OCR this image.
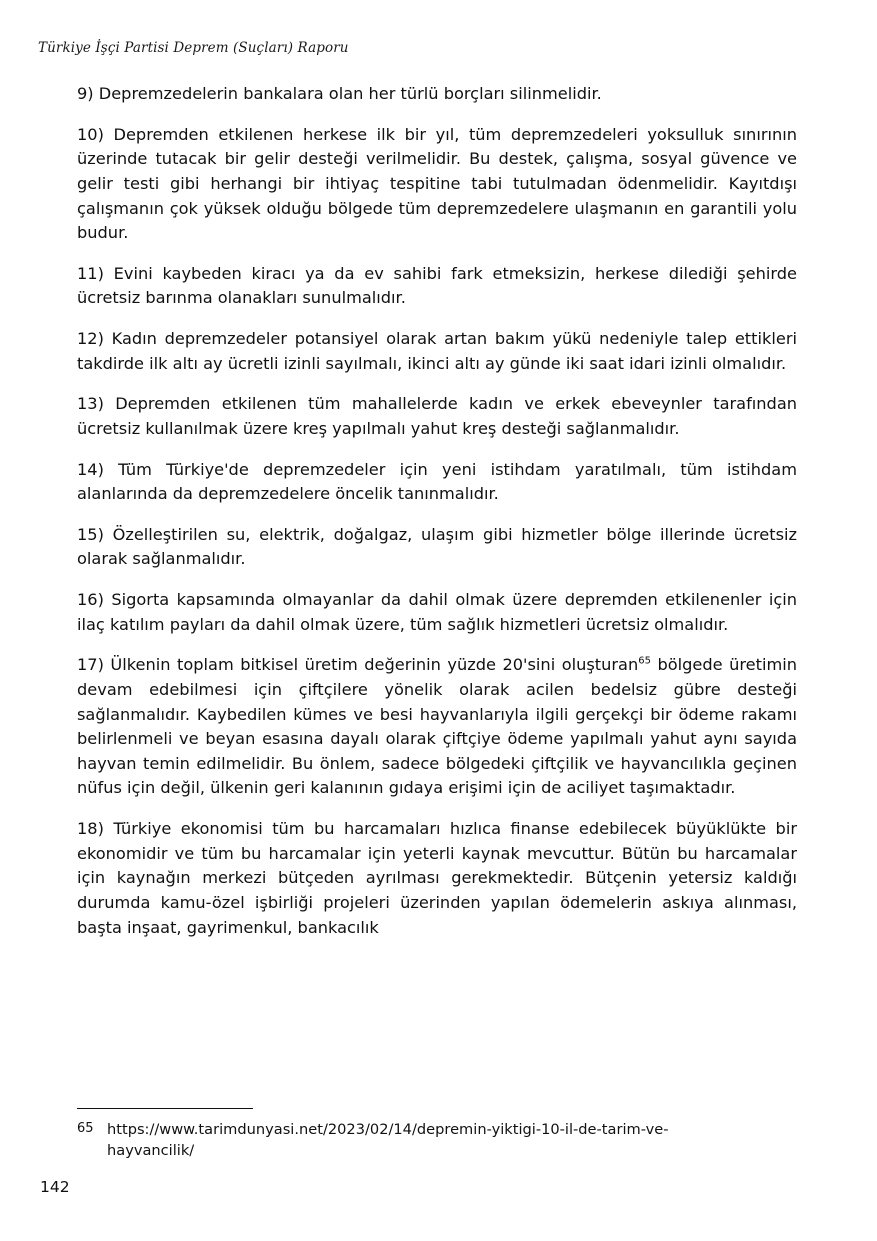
Türkiye İşçi Partisi Deprem (Suçları) Raporu

9) Depremzedelerin bankalara olan her türlü borçları silinmelidir.

10) Depremden etkilenen herkese ilk bir yıl, tüm depremzedeleri yoksulluk sınırının üzerinde tutacak bir gelir desteği verilmelidir. Bu destek, çalışma, sosyal güvence ve gelir testi gibi herhangi bir ihtiyaç tespitine tabi tutulmadan ödenmelidir. Kayıtdışı çalışmanın çok yüksek olduğu bölgede tüm depremzedelere ulaşmanın en garantili yolu budur.

11) Evini kaybeden kiracı ya da ev sahibi fark etmeksizin, herkese dilediği şehirde ücretsiz barınma olanakları sunulmalıdır.

12) Kadın depremzedeler potansiyel olarak artan bakım yükü nedeniyle talep ettikleri takdirde ilk altı ay ücretli izinli sayılmalı, ikinci altı ay günde iki saat idari izinli olmalıdır.

13) Depremden etkilenen tüm mahallelerde kadın ve erkek ebeveynler tarafından ücretsiz kullanılmak üzere kreş yapılmalı yahut kreş desteği sağlanmalıdır.

14) Tüm Türkiye'de depremzedeler için yeni istihdam yaratılmalı, tüm istihdam alanlarında da depremzedelere öncelik tanınmalıdır.

15) Özelleştirilen su, elektrik, doğalgaz, ulaşım gibi hizmetler bölge illerinde ücretsiz olarak sağlanmalıdır.

16) Sigorta kapsamında olmayanlar da dahil olmak üzere depremden etkilenenler için ilaç katılım payları da dahil olmak üzere, tüm sağlık hizmetleri ücretsiz olmalıdır.

17) Ülkenin toplam bitkisel üretim değerinin yüzde 20'sini oluşturan$^{65}$ bölgede üretimin devam edebilmesi için çiftçilere yönelik olarak acilen bedelsiz gübre desteği sağlanmalıdır. Kaybedilen kümes ve besi hayvanlarıyla ilgili gerçekçi bir ödeme rakamı belirlenmeli ve beyan esasına dayalı olarak çiftçiye ödeme yapılmalı yahut aynı sayıda hayvan temin edilmelidir. Bu önlem, sadece bölgedeki çiftçilik ve hayvancılıkla geçinen nüfus için değil, ülkenin geri kalanının gıdaya erişimi için de aciliyet taşımaktadır.

18) Türkiye ekonomisi tüm bu harcamaları hızlıca finanse edebilecek büyüklükte bir ekonomidir ve tüm bu harcamalar için yeterli kaynak mevcuttur. Bütün bu harcamalar için kaynağın merkezi bütçeden ayrılması gerekmektedir. Bütçenin yetersiz kaldığı durumda kamu-özel işbirliği projeleri üzerinden yapılan ödemelerin askıya alınması, başta inşaat, gayrimenkul, bankacılık

65 https://www.tarimdunyasi.net/2023/02/14/depremin-yiktigi-10-il-de-tarim-ve-hayvancilik/
142
